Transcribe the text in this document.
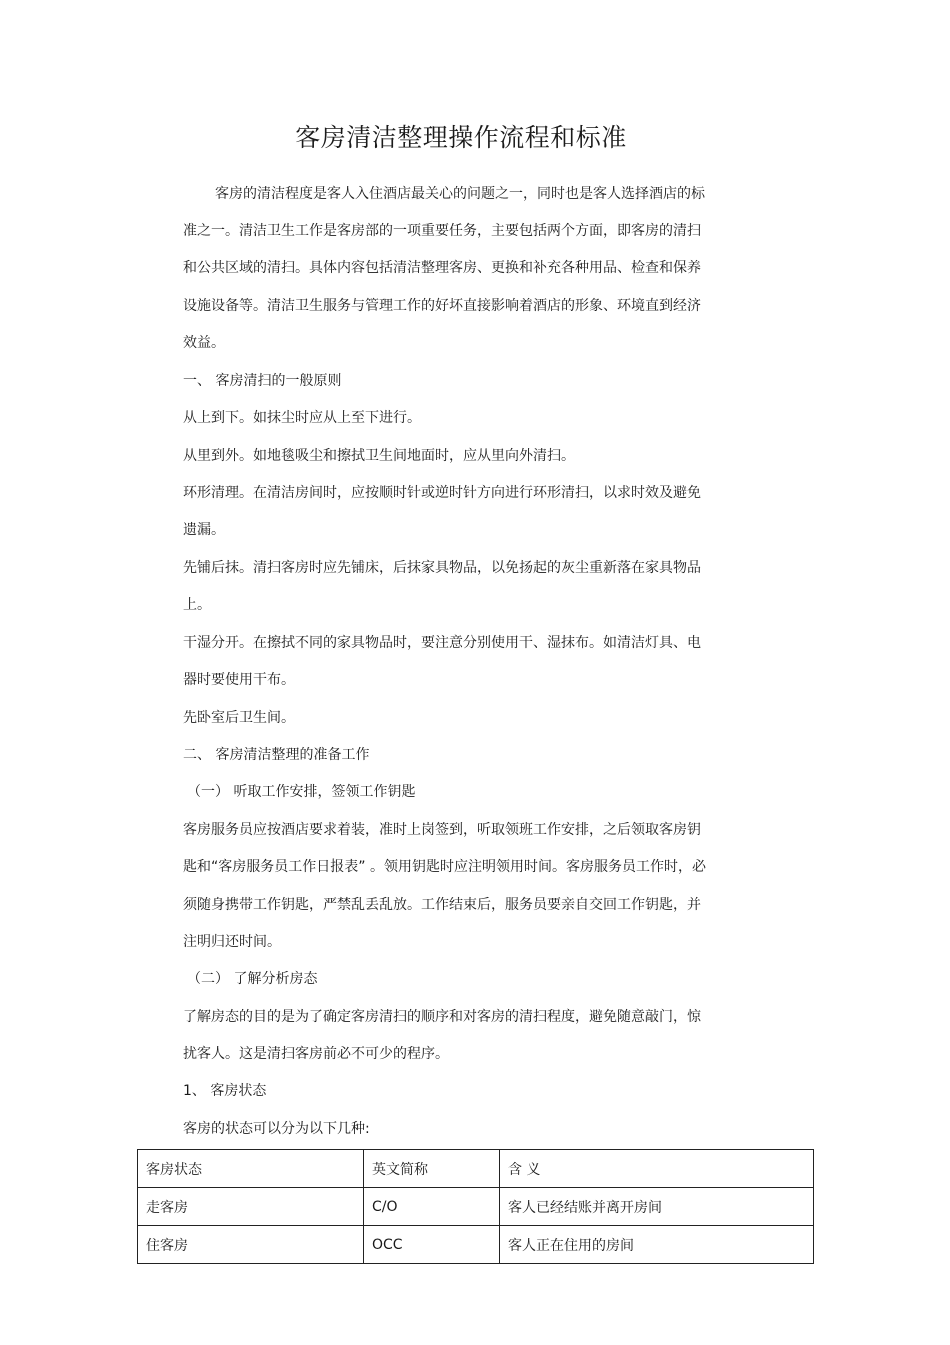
客房清洁整理操作流程和标准
客房的清洁程度是客人入住酒店最关心的问题之一，同时也是客人选择酒店的标
准之一。清洁卫生工作是客房部的一项重要任务，主要包括两个方面，即客房的清扫
和公共区域的清扫。具体内容包括清洁整理客房、更换和补充各种用品、检查和保养
设施设备等。清洁卫生服务与管理工作的好坏直接影响着酒店的形象、环境直到经济
效益。
一、 客房清扫的一般原则
从上到下。如抹尘时应从上至下进行。
从里到外。如地毯吸尘和擦拭卫生间地面时，应从里向外清扫。
环形清理。在清洁房间时，应按顺时针或逆时针方向进行环形清扫，以求时效及避免
遗漏。
先铺后抹。清扫客房时应先铺床，后抹家具物品，以免扬起的灰尘重新落在家具物品
上。
干湿分开。在擦拭不同的家具物品时，要注意分别使用干、湿抹布。如清洁灯具、电
器时要使用干布。
先卧室后卫生间。
二、 客房清洁整理的准备工作
（一） 听取工作安排，签领工作钥匙
客房服务员应按酒店要求着装，准时上岗签到，听取领班工作安排，之后领取客房钥
匙和“客房服务员工作日报表” 。领用钥匙时应注明领用时间。客房服务员工作时，必
须随身携带工作钥匙，严禁乱丢乱放。工作结束后，服务员要亲自交回工作钥匙，并
注明归还时间。
（二） 了解分析房态
了解房态的目的是为了确定客房清扫的顺序和对客房的清扫程度，避免随意敲门，惊
扰客人。这是清扫客房前必不可少的程序。
1、 客房状态
客房的状态可以分为以下几种:
客房状态	英文简称	含 义
走客房	C/O	客人已经结账并离开房间
住客房	OCC	客人正在住用的房间
